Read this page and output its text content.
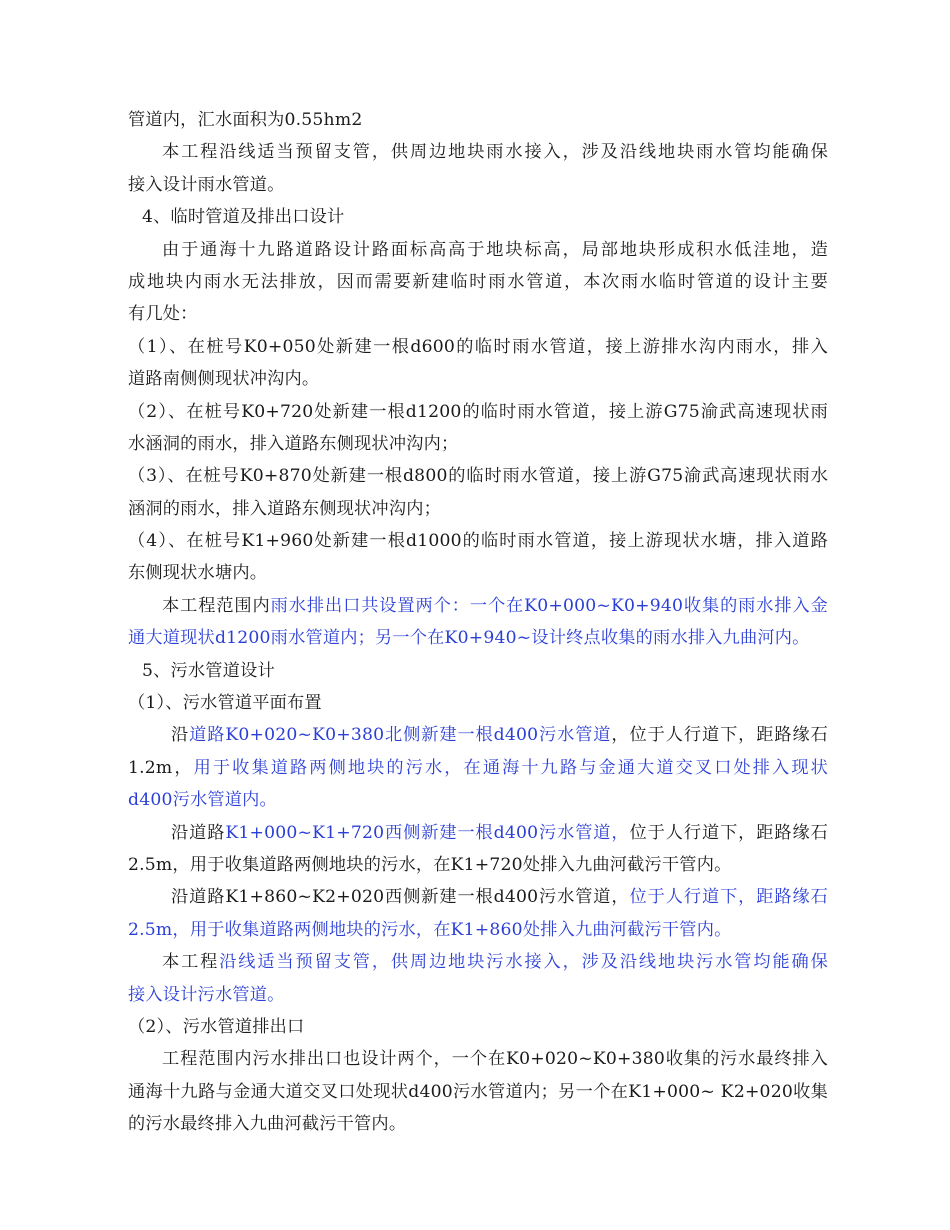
管道内，汇水面积为0.55hm2
本工程沿线适当预留支管，供周边地块雨水接入，涉及沿线地块雨水管均能确保
接入设计雨水管道。
4、临时管道及排出口设计
由于通海十九路道路设计路面标高高于地块标高，局部地块形成积水低洼地，造
成地块内雨水无法排放，因而需要新建临时雨水管道，本次雨水临时管道的设计主要
有几处：
（1）、在桩号K0+050处新建一根d600的临时雨水管道，接上游排水沟内雨水，排入
道路南侧侧现状冲沟内。
（2）、在桩号K0+720处新建一根d1200的临时雨水管道，接上游G75渝武高速现状雨
水涵洞的雨水，排入道路东侧现状冲沟内；
（3）、在桩号K0+870处新建一根d800的临时雨水管道，接上游G75渝武高速现状雨水
涵洞的雨水，排入道路东侧现状冲沟内；
（4）、在桩号K1+960处新建一根d1000的临时雨水管道，接上游现状水塘，排入道路
东侧现状水塘内。
本工程范围内雨水排出口共设置两个：一个在K0+000~K0+940收集的雨水排入金
通大道现状d1200雨水管道内；另一个在K0+940~设计终点收集的雨水排入九曲河内。
5、污水管道设计
（1）、污水管道平面布置
沿道路K0+020~K0+380北侧新建一根d400污水管道，位于人行道下，距路缘石
1.2m，用于收集道路两侧地块的污水，在通海十九路与金通大道交叉口处排入现状
d400污水管道内。
沿道路K1+000~K1+720西侧新建一根d400污水管道，位于人行道下，距路缘石
2.5m，用于收集道路两侧地块的污水，在K1+720处排入九曲河截污干管内。
沿道路K1+860~K2+020西侧新建一根d400污水管道，位于人行道下，距路缘石
2.5m，用于收集道路两侧地块的污水，在K1+860处排入九曲河截污干管内。
本工程沿线适当预留支管，供周边地块污水接入，涉及沿线地块污水管均能确保
接入设计污水管道。
（2）、污水管道排出口
工程范围内污水排出口也设计两个，一个在K0+020~K0+380收集的污水最终排入
通海十九路与金通大道交叉口处现状d400污水管道内；另一个在K1+000~ K2+020收集
的污水最终排入九曲河截污干管内。
